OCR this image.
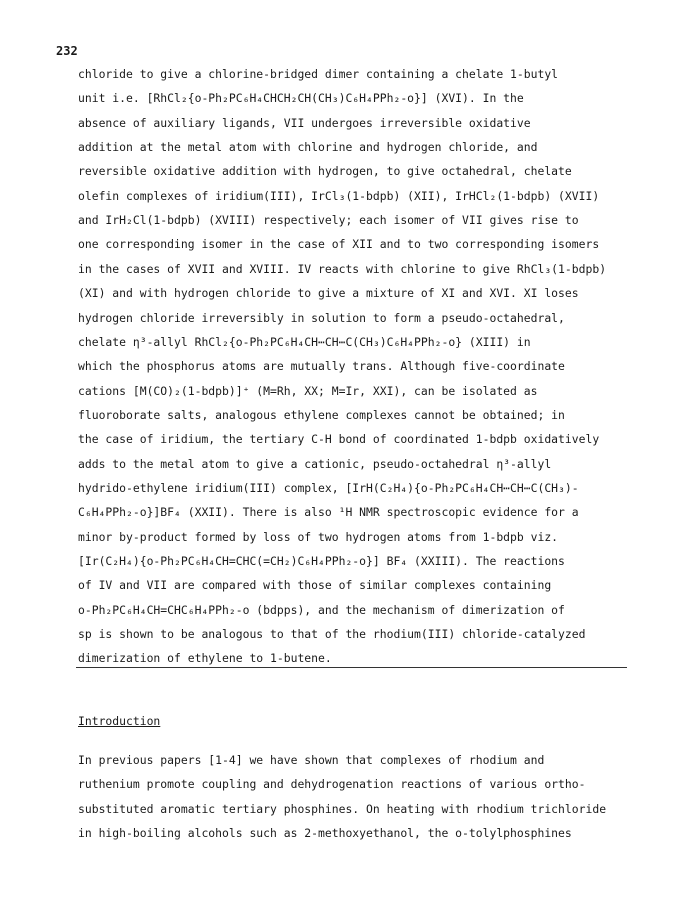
232
chloride to give a chlorine-bridged dimer containing a chelate 1-butyl
unit i.e. [RhCl₂{o-Ph₂PC₆H₄CHCH₂CH(CH₃)C₆H₄PPh₂-o}] (XVI). In the
absence of auxiliary ligands, VII undergoes irreversible oxidative
addition at the metal atom with chlorine and hydrogen chloride, and
reversible oxidative addition with hydrogen, to give octahedral, chelate
olefin complexes of iridium(III), IrCl₃(1-bdpb) (XII), IrHCl₂(1-bdpb) (XVII)
and IrH₂Cl(1-bdpb) (XVIII) respectively; each isomer of VII gives rise to
one corresponding isomer in the case of XII and to two corresponding isomers
in the cases of XVII and XVIII. IV reacts with chlorine to give RhCl₃(1-bdpb)
(XI) and with hydrogen chloride to give a mixture of XI and XVI. XI loses
hydrogen chloride irreversibly in solution to form a pseudo-octahedral,
chelate η³-allyl RhCl₂{o-Ph₂PC₆H₄CH⋯CH⋯C(CH₃)C₆H₄PPh₂-o} (XIII) in
which the phosphorus atoms are mutually trans. Although five-coordinate
cations [M(CO)₂(1-bdpb)]⁺ (M=Rh, XX; M=Ir, XXI), can be isolated as
fluoroborate salts, analogous ethylene complexes cannot be obtained; in
the case of iridium, the tertiary C-H bond of coordinated 1-bdpb oxidatively
adds to the metal atom to give a cationic, pseudo-octahedral η³-allyl
hydrido-ethylene iridium(III) complex, [IrH(C₂H₄){o-Ph₂PC₆H₄CH⋯CH⋯C(CH₃)-
C₆H₄PPh₂-o}]BF₄ (XXII). There is also ¹H NMR spectroscopic evidence for a
minor by-product formed by loss of two hydrogen atoms from 1-bdpb viz.
[Ir(C₂H₄){o-Ph₂PC₆H₄CH=CHC(=CH₂)C₆H₄PPh₂-o}] BF₄ (XXIII). The reactions
of IV and VII are compared with those of similar complexes containing
o-Ph₂PC₆H₄CH=CHC₆H₄PPh₂-o (bdpps), and the mechanism of dimerization of
sp is shown to be analogous to that of the rhodium(III) chloride-catalyzed
dimerization of ethylene to 1-butene.
Introduction
In previous papers [1-4] we have shown that complexes of rhodium and
ruthenium promote coupling and dehydrogenation reactions of various ortho-
substituted aromatic tertiary phosphines. On heating with rhodium trichloride
in high-boiling alcohols such as 2-methoxyethanol, the o-tolylphosphines
